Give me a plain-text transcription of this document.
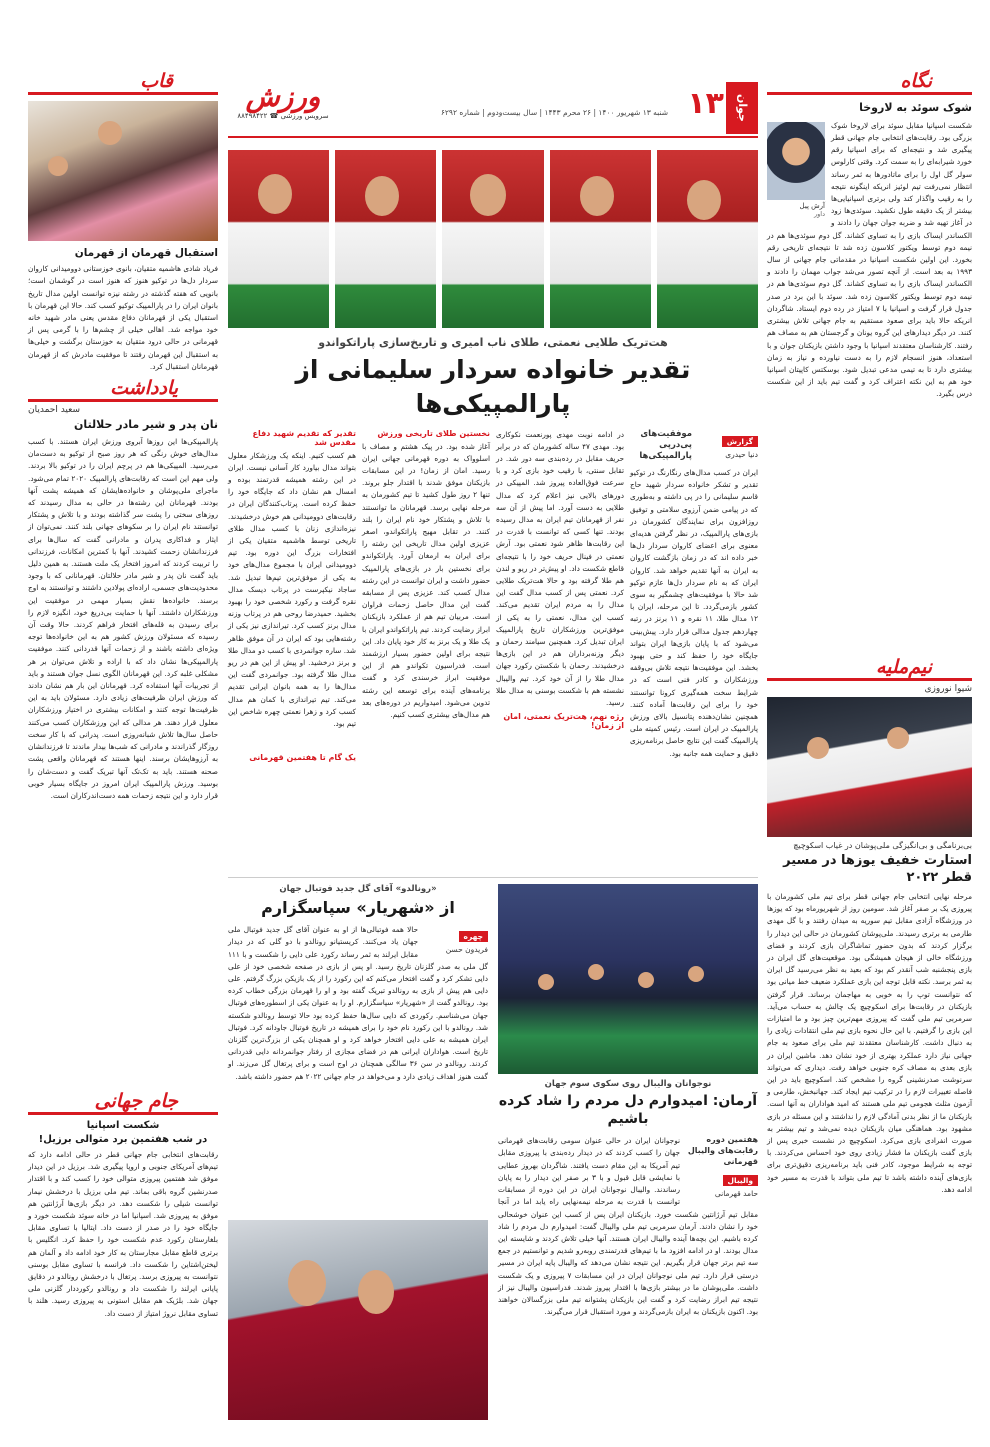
۱۳	جوان
شنبه ۱۳ شهریور ۱۴۰۰ | ۲۶ محرم ۱۴۴۳ | سال بیست‌ودوم | شماره ۶۲۹۲
ورزش
سرویس ورزشی ☎ ۸۸۴۹۸۴۲۲
نگاه
شوک سوئد به لاروخا
آرش پیل
داور
شکست اسپانیا مقابل سوئد برای لاروخا شوک بزرگی بود. رقابت‌های انتخابی جام جهانی قطر پیگیری شد و نتیجه‌ای که برای اسپانیا رقم خورد شیرابه‌ای را به سمت کرد. وقتی کارلوس سولر گل اول را برای ماتادورها به ثمر رساند انتظار نمی‌رفت تیم لوئیز انریکه اینگونه نتیجه را به رقیب واگذار کند ولی برتری اسپانیایی‌ها بیشتر از یک دقیقه طول نکشید. سوئدی‌ها زود در آغاز تهیه شد و ضربه جوان جهان را دادند و الکساندر ایساک بازی را به تساوی کشاند. گل دوم سوئدی‌ها هم در نیمه دوم توسط ویکتور کلاسون زده شد تا نتیجه‌ای تاریخی رقم بخورد. این اولین شکست اسپانیا در مقدماتی جام جهانی از سال ۱۹۹۳ به بعد است. از آنچه تصور می‌شد جواب مهمان را دادند و الکساندر ایساک بازی را به تساوی کشاند. گل دوم سوئدی‌ها هم در نیمه دوم توسط ویکتور کلاسون زده شد. سوئد با این برد در صدر جدول قرار گرفت و اسپانیا با ۷ امتیاز در رده دوم ایستاد. شاگردان انریکه حالا باید برای صعود مستقیم به جام جهانی تلاش بیشتری کنند. در دیگر دیدارهای این گروه یونان و گرجستان هم به مصاف هم رفتند. کارشناسان معتقدند اسپانیا با وجود داشتن بازیکنان جوان و با استعداد، هنوز انسجام لازم را به دست نیاورده و نیاز به زمان بیشتری دارد تا به تیمی مدعی تبدیل شود. بوسکتس کاپیتان اسپانیا خود هم به این نکته اعتراف کرد و گفت تیم باید از این شکست درس بگیرد.
نیم‌ملیه
شیوا نوروزی
بی‌برنامگی و بی‌انگیزگی ملی‌پوشان در غیاب اسکوچیچ
استارت خفیف یوزها در مسیر قطر ۲۰۲۲
مرحله نهایی انتخابی جام جهانی قطر برای تیم ملی کشورمان با پیروزی یک بر صفر آغاز شد. سومین روز از شهریورماه بود که یوزها در ورزشگاه آزادی مقابل تیم سوریه به میدان رفتند و با گل مهدی طارمی به برتری رسیدند. ملی‌پوشان کشورمان در حالی این دیدار را برگزار کردند که بدون حضور تماشاگران بازی کردند و فضای ورزشگاه خالی از هیجان همیشگی بود. موقعیت‌های گل ایران در بازی پنجشنبه شب آنقدر کم بود که بعید به نظر می‌رسید گل ایران به ثمر برسد. نکته قابل توجه این بازی عملکرد ضعیف خط میانی بود که نتوانست توپ را به خوبی به مهاجمان برساند. قرار گرفتن بازیکنان در رقابت‌ها برای اسکوچیچ یک چالش به حساب می‌آید. سرمربی تیم ملی گفت که پیروزی مهم‌ترین چیز بود و ما امتیازات این بازی را گرفتیم. با این حال نحوه بازی تیم ملی انتقادات زیادی را به دنبال داشت. کارشناسان معتقدند تیم ملی برای صعود به جام جهانی نیاز دارد عملکرد بهتری از خود نشان دهد. ماشین ایران در بازی بعدی به مصاف کره جنوبی خواهد رفت. دیداری که می‌تواند سرنوشت صدرنشینی گروه را مشخص کند. اسکوچیچ باید در این فاصله تغییرات لازم را در ترکیب تیم ایجاد کند. جهانبخش، طارمی و آزمون مثلث هجومی تیم ملی هستند که امید هواداران به آنها است. بازیکنان ما از نظر بدنی آمادگی لازم را نداشتند و این مسئله در بازی مشهود بود. هماهنگی میان بازیکنان دیده نمی‌شد و تیم بیشتر به صورت انفرادی بازی می‌کرد. اسکوچیچ در نشست خبری پس از بازی گفت بازیکنان ما فشار زیادی روی خود احساس می‌کردند. با توجه به شرایط موجود، کادر فنی باید برنامه‌ریزی دقیق‌تری برای بازی‌های آینده داشته باشد تا تیم ملی بتواند با قدرت به مسیر خود ادامه دهد.
قاب
استقبال قهرمان از قهرمان
فریاد شادی هاشمیه متقیان، بانوی خوزستانی دوومیدانی کاروان سردار دل‌ها در توکیو هنوز که هنوز است در گوشمان است؛ بانویی که هفته گذشته در رشته نیزه توانست اولین مدال تاریخ بانوان ایران را در پارالمپیک توکیو کسب کند. حالا این قهرمان با استقبال یکی از قهرمانان دفاع مقدس یعنی مادر شهید خانه خود مواجه شد. اهالی خیلی از چشم‌ها را با گرمی پس از قهرمانی در حالی درود متقیان به خوزستان برگشت و خیلی‌ها به استقبال این قهرمان رفتند تا موفقیت مادرش که از قهرمان قهرمانان استقبال کرد.
یادداشت
سعید احمدیان
نان پدر و شیر مادر حلالتان
پارالمپیکی‌ها این روزها آبروی ورزش ایران هستند. با کسب مدال‌های خوش رنگی که هر روز صبح از توکیو به دست‌مان می‌رسید. المپیکی‌ها هم در پرچم ایران را در توکیو بالا بردند. ولی مهم این است که رقابت‌های پارالمپیک ۲۰۲۰ تمام می‌شود. ماجرای ملی‌پوشان و خانواده‌هایشان که همیشه پشت آنها بودند. قهرمانان این رشته‌ها در حالی به مدال رسیدند که روزهای سختی را پشت سر گذاشته بودند و با تلاش و پشتکار توانستند نام ایران را بر سکوهای جهانی بلند کنند. نمی‌توان از ایثار و فداکاری پدران و مادرانی گفت که سال‌ها برای فرزندانشان زحمت کشیدند. آنها با کمترین امکانات، فرزندانی را تربیت کردند که امروز افتخار یک ملت هستند. به همین دلیل باید گفت نان پدر و شیر مادر حلالتان. قهرمانانی که با وجود محدودیت‌های جسمی، اراده‌ای پولادین داشتند و توانستند به اوج برسند. خانواده‌ها نقش بسیار مهمی در موفقیت این ورزشکاران داشتند. آنها با حمایت بی‌دریغ خود، انگیزه لازم را برای رسیدن به قله‌های افتخار فراهم کردند. حالا وقت آن رسیده که مسئولان ورزش کشور هم به این خانواده‌ها توجه ویژه‌ای داشته باشند و از زحمات آنها قدردانی کنند. موفقیت پارالمپیکی‌ها نشان داد که با اراده و تلاش می‌توان بر هر مشکلی غلبه کرد. این قهرمانان الگوی نسل جوان هستند و باید از تجربیات آنها استفاده کرد. قهرمانان این بار هم نشان دادند که ورزش ایران ظرفیت‌های زیادی دارد. مسئولان باید به این ظرفیت‌ها توجه کنند و امکانات بیشتری در اختیار ورزشکاران معلول قرار دهند. هر مدالی که این ورزشکاران کسب می‌کنند حاصل سال‌ها تلاش شبانه‌روزی است. پدرانی که با کار سخت روزگار گذراندند و مادرانی که شب‌ها بیدار ماندند تا فرزندانشان به آرزوهایشان برسند. اینها هستند که قهرمانان واقعی پشت صحنه هستند. باید به تک‌تک آنها تبریک گفت و دست‌شان را بوسید. ورزش پارالمپیک ایران امروز در جایگاه بسیار خوبی قرار دارد و این نتیجه زحمات همه دست‌اندرکاران است.
جام جهانی
شکست اسپانیا
در شب هفتمین برد متوالی برزیل!
رقابت‌های انتخابی جام جهانی قطر در حالی ادامه دارد که تیم‌های آمریکای جنوبی و اروپا پیگیری شد. برزیل در این دیدار موفق شد هفتمین پیروزی متوالی خود را کسب کند و با اقتدار صدرنشین گروه باقی بماند. تیم ملی برزیل با درخشش نیمار توانست شیلی را شکست دهد. در دیگر بازی‌ها آرژانتین هم موفق به پیروزی شد. اسپانیا اما در خانه سوئد شکست خورد و جایگاه خود را در صدر از دست داد. ایتالیا با تساوی مقابل بلغارستان رکورد عدم شکست خود را حفظ کرد. انگلیس با برتری قاطع مقابل مجارستان به کار خود ادامه داد و آلمان هم لیختن‌اشتاین را شکست داد. فرانسه با تساوی مقابل بوسنی نتوانست به پیروزی برسد. پرتغال با درخشش رونالدو در دقایق پایانی ایرلند را شکست داد و رونالدو رکورددار گلزنی ملی جهان شد. بلژیک هم مقابل استونی به پیروزی رسید. هلند با تساوی مقابل نروژ امتیاز از دست داد.
هت‌تریک طلایی نعمتی، طلای ناب امیری و تاریخ‌سازی پاراتکواندو
تقدیر خانواده سردار سلیمانی از پارالمپیکی‌ها
گزارش
دنیا حیدری
موفقیت‌های پی‌درپی پارالمپیکی‌ها
ایران در کسب مدال‌های رنگارنگ در توکیو تقدیر و تشکر خانواده سردار شهید حاج قاسم سلیمانی را در پی داشته و به‌طوری که در پیامی ضمن آرزوی سلامتی و توفیق روزافزون برای نمایندگان کشورمان در بازی‌های پارالمپیک، در نظر گرفتن هدیه‌ای معنوی برای اعضای کاروان سردار دل‌ها خبر داده اند که در زمان بازگشت کاروان به ایران به آنها تقدیم خواهد شد. کاروان ایران که به نام سردار دل‌ها عازم توکیو شد حالا با موفقیت‌های چشمگیر به سوی کشور بازمی‌گردد. تا این مرحله، ایران با ۱۲ مدال طلا، ۱۱ نقره و ۱۱ برنز در رتبه چهاردهم جدول مدالی قرار دارد. پیش‌بینی می‌شود که با پایان بازی‌ها ایران بتواند جایگاه خود را حفظ کند و حتی بهبود بخشد. این موفقیت‌ها نتیجه تلاش بی‌وقفه ورزشکاران و کادر فنی است که در شرایط سخت همه‌گیری کرونا توانستند خود را برای این رقابت‌ها آماده کنند. همچنین نشان‌دهنده پتانسیل بالای ورزش پارالمپیک در ایران است. رئیس کمیته ملی پارالمپیک گفت این نتایج حاصل برنامه‌ریزی دقیق و حمایت همه جانبه بود.
در ادامه نوبت مهدی پورنعمت نکوکاری بود. مهدی ۴۷ ساله کشورمان که در برابر حریف مقابل در رده‌بندی سه دور شد. در تقابل سنتی، با رقیب خود بازی کرد و با سرعت فوق‌العاده پیروز شد. المپیکی در دورهای بالایی نیز اعلام کرد که مدال طلایی به دست آورد. اما پیش از آن سه نفر از قهرمانان تیم ایران به مدال رسیده بودند. تنها کسی که توانست با قدرت در این رقابت‌ها ظاهر شود نعمتی بود. آرش نعمتی در فینال حریف خود را با نتیجه‌ای قاطع شکست داد. او پیش‌تر در ریو و لندن هم طلا گرفته بود و حالا هت‌تریک طلایی کرد. نعمتی پس از کسب مدال گفت این مدال را به مردم ایران تقدیم می‌کند. کسب این مدال، نعمتی را به یکی از موفق‌ترین ورزشکاران تاریخ پارالمپیک ایران تبدیل کرد. همچنین سیامند رحمان و دیگر وزنه‌برداران هم در این بازی‌ها درخشیدند. رحمان با شکستن رکورد جهان مدال طلا را از آن خود کرد. تیم والیبال نشسته هم با شکست بوسنی به مدال طلا رسید.
رژه نهم، هت‌تریک نعمتی، امان از زمان!
نخستین طلای تاریخی ورزش
آغاز شده بود. در پیک هشتم و مصاف با اسلوواک به دوره قهرمانی جهانی ایران رسید. امان از زمان! در این مسابقات بازیکنان موفق شدند با اقتدار جلو بروند. تنها ۲ روز طول کشید تا تیم کشورمان به مرحله نهایی برسد. قهرمانان ما توانستند با تلاش و پشتکار خود نام ایران را بلند کنند. در تقابل مهیج پاراتکواندو، اصغر عزیزی اولین مدال تاریخی این رشته را برای ایران به ارمغان آورد. پاراتکواندو برای نخستین بار در بازی‌های پارالمپیک حضور داشت و ایران توانست در این رشته مدال کسب کند. عزیزی پس از مسابقه گفت این مدال حاصل زحمات فراوان است. مربیان تیم هم از عملکرد بازیکنان ابراز رضایت کردند. تیم پاراتکواندو ایران با یک طلا و یک برنز به کار خود پایان داد. این نتیجه برای اولین حضور بسیار ارزشمند است. فدراسیون تکواندو هم از این موفقیت ابراز خرسندی کرد و گفت برنامه‌های آینده برای توسعه این رشته تدوین می‌شود. امیدواریم در دوره‌های بعد هم مدال‌های بیشتری کسب کنیم.
تقدیر که تقدیم شهید دفاع مقدس شد
هم کسب کنیم. اینکه یک ورزشکار معلول بتواند مدال بیاورد کار آسانی نیست. ایران در این رشته همیشه قدرتمند بوده و امسال هم نشان داد که جایگاه خود را حفظ کرده است. پرتاب‌کنندگان ایران در رقابت‌های دوومیدانی هم خوش درخشیدند. نیزه‌اندازی زنان با کسب مدال طلای تاریخی توسط هاشمیه متقیان یکی از افتخارات بزرگ این دوره بود. تیم دوومیدانی ایران با مجموع مدال‌های خود به یکی از موفق‌ترین تیم‌ها تبدیل شد. ساجاد نیکپرست در پرتاب دیسک مدال نقره گرفت و رکورد شخصی خود را بهبود بخشید. حمیدرضا روحی هم در پرتاب وزنه مدال برنز کسب کرد. تیراندازی نیز یکی از رشته‌هایی بود که ایران در آن موفق ظاهر شد. ساره جوانمردی با کسب دو مدال طلا و برنز درخشید. او پیش از این هم در ریو مدال طلا گرفته بود. جوانمردی گفت این مدال‌ها را به همه بانوان ایرانی تقدیم می‌کند. تیم تیراندازی با کمان هم مدال کسب کرد و زهرا نعمتی چهره شاخص این تیم بود.
یک گام تا هفتمین قهرمانی
نوجوانان والیبال روی سکوی سوم جهان
آرمان: امیدوارم دل مردم را شاد کرده باشیم
هفتمین دوره رقابت‌های والیبال قهرمانی
والیبال
حامد قهرمانی
نوجوانان ایران در حالی عنوان سومی رقابت‌های قهرمانی جهان را کسب کردند که در دیدار رده‌بندی با پیروزی مقابل تیم آمریکا به این مقام دست یافتند. شاگردان بهروز عطایی با نمایشی قابل قبول و با ۳ بر صفر این دیدار را به پایان رساندند. والیبال نوجوانان ایران در این دوره از مسابقات توانست با قدرت به مرحله نیمه‌نهایی راه یابد اما در آنجا مقابل تیم آرژانتین شکست خورد. بازیکنان ایران پس از کسب این عنوان خوشحالی خود را نشان دادند. آرمان سرمربی تیم ملی والیبال گفت: امیدوارم دل مردم را شاد کرده باشیم. این بچه‌ها آینده والیبال ایران هستند. آنها خیلی تلاش کردند و شایسته این مدال بودند. او در ادامه افزود ما با تیم‌های قدرتمندی روبه‌رو شدیم و توانستیم در جمع سه تیم برتر جهان قرار بگیریم. این نتیجه نشان می‌دهد که والیبال پایه ایران در مسیر درستی قرار دارد. تیم ملی نوجوانان ایران در این مسابقات ۷ پیروزی و یک شکست داشت. ملی‌پوشان ما در بیشتر بازی‌ها با اقتدار پیروز شدند. فدراسیون والیبال نیز از نتیجه تیم ابراز رضایت کرد و گفت این بازیکنان پشتوانه تیم ملی بزرگسالان خواهند بود. اکنون بازیکنان به ایران بازمی‌گردند و مورد استقبال قرار می‌گیرند.
«رونالدو» آقای گل جدید فوتبال جهان
از «شهریار» سپاسگزارم
چهره
فریدون حسن
حالا همه فوتبالی‌ها از او به عنوان آقای گل جدید فوتبال ملی جهان یاد می‌کنند. کریستیانو رونالدو با دو گلی که در دیدار مقابل ایرلند به ثمر رساند رکورد علی دایی را شکست و با ۱۱۱ گل ملی به صدر گلزنان تاریخ رسید. او پس از بازی در صفحه شخصی خود از علی دایی تشکر کرد و گفت افتخار می‌کنم که این رکورد را از یک بازیکن بزرگ گرفتم. علی دایی هم پیش از بازی به رونالدو تبریک گفته بود و او را قهرمان بزرگی خطاب کرده بود. رونالدو گفت از «شهریار» سپاسگزارم. او را به عنوان یکی از اسطوره‌های فوتبال جهان می‌شناسم. رکوردی که دایی سال‌ها حفظ کرده بود حالا توسط رونالدو شکسته شد. رونالدو با این رکورد نام خود را برای همیشه در تاریخ فوتبال جاودانه کرد. فوتبال ایران همیشه به علی دایی افتخار خواهد کرد و او همچنان یکی از بزرگ‌ترین گلزنان تاریخ است. هواداران ایرانی هم در فضای مجازی از رفتار جوانمردانه دایی قدردانی کردند. رونالدو در سن ۳۶ سالگی همچنان در اوج است و برای پرتغال گل می‌زند. او گفت هنوز اهداف زیادی دارد و می‌خواهد در جام جهانی ۲۰۲۲ هم حضور داشته باشد.
